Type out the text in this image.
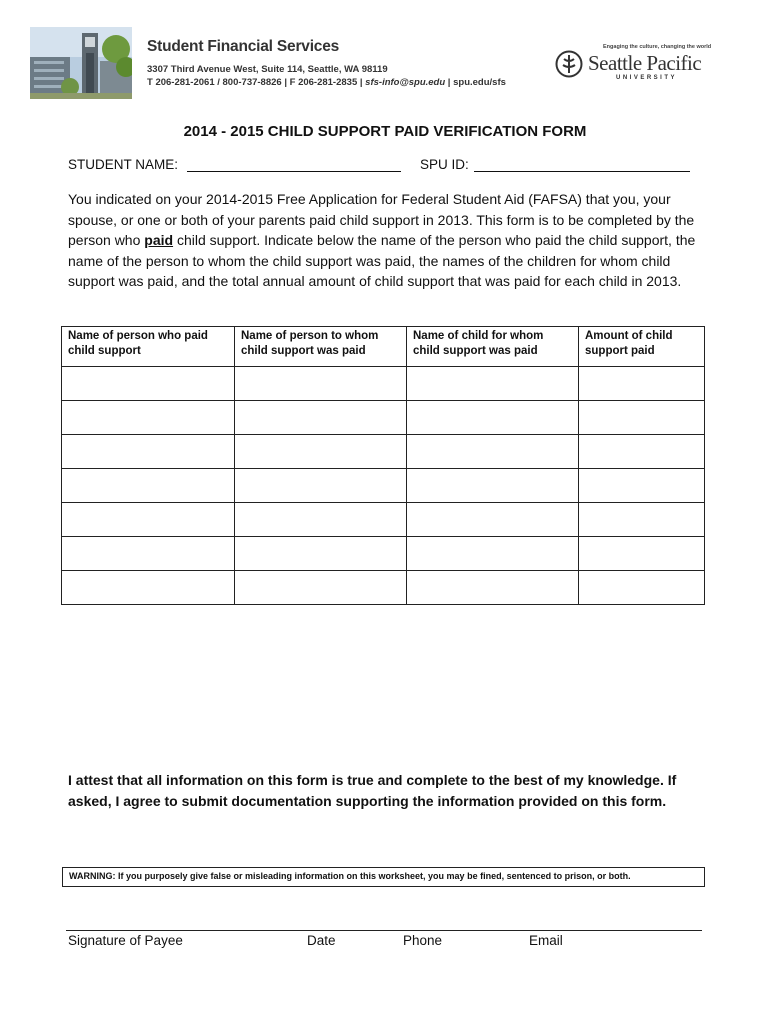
Student Financial Services
3307 Third Avenue West, Suite 114, Seattle, WA 98119
T 206-281-2061 / 800-737-8826 | F 206-281-2835 | sfs-info@spu.edu | spu.edu/sfs
Engaging the culture, changing the world
Seattle Pacific
UNIVERSITY
2014 - 2015 CHILD SUPPORT PAID VERIFICATION FORM
STUDENT NAME:	SPU ID:
You indicated on your 2014-2015 Free Application for Federal Student Aid (FAFSA) that you, your spouse, or one or both of your parents paid child support in 2013. This form is to be completed by the person who paid child support. Indicate below the name of the person who paid the child support, the name of the person to whom the child support was paid, the names of the children for whom child support was paid, and the total annual amount of child support that was paid for each child in 2013.
Name of person who paid child support	Name of person to whom child support was paid	Name of child for whom child support was paid	Amount of child support paid

I attest that all information on this form is true and complete to the best of my knowledge. If asked, I agree to submit documentation supporting the information provided on this form.
WARNING: If you purposely give false or misleading information on this worksheet, you may be fined, sentenced to prison, or both.
Signature of Payee	Date	Phone	Email
